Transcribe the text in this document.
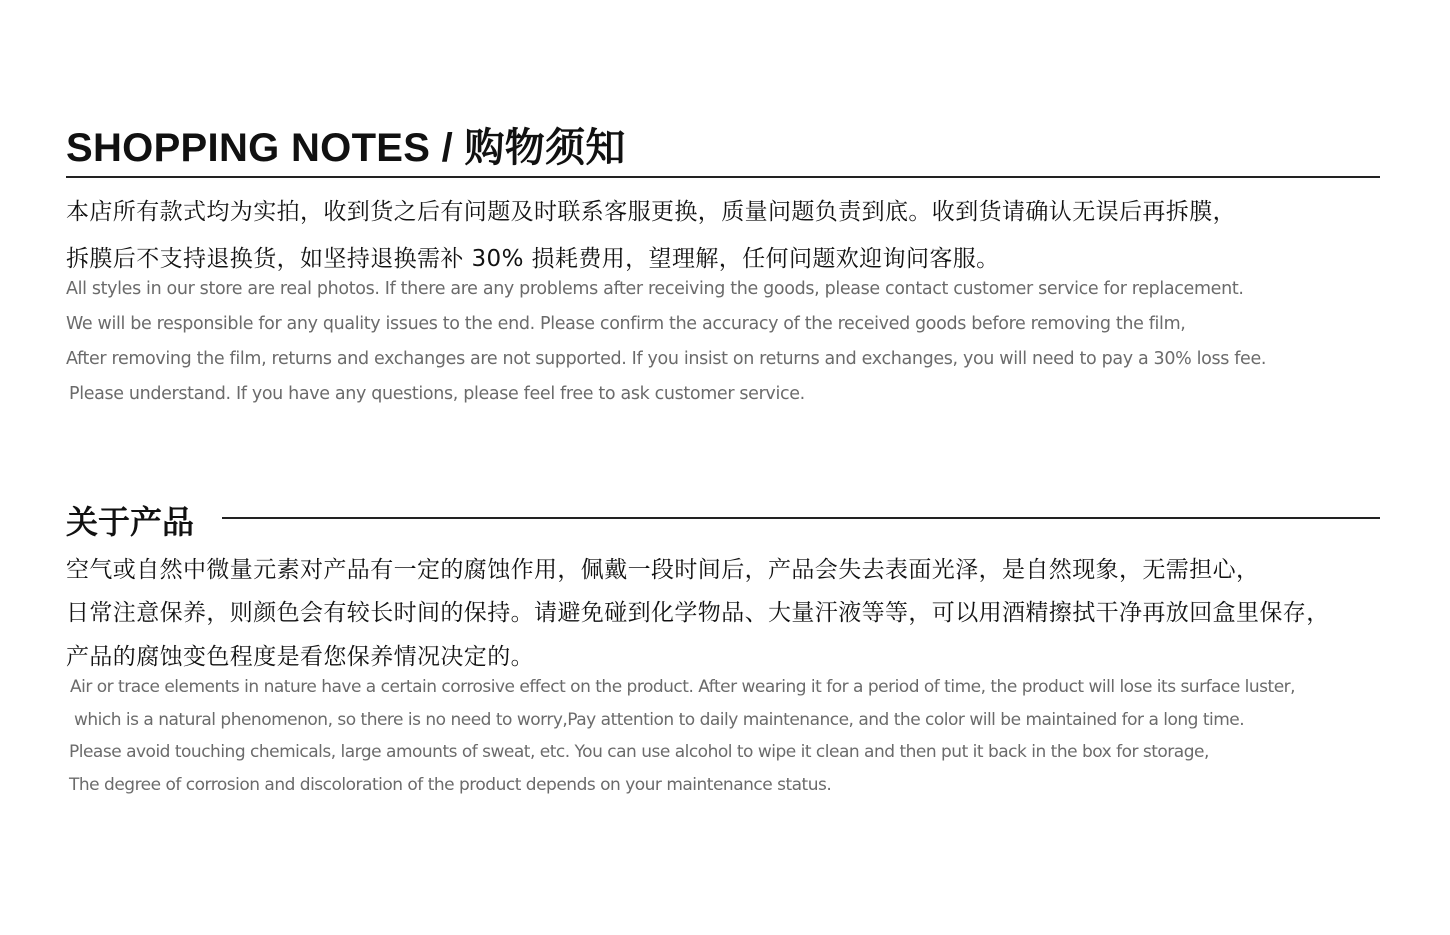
SHOPPING NOTES / 购物须知
本店所有款式均为实拍，收到货之后有问题及时联系客服更换，质量问题负责到底。收到货请确认无误后再拆膜，
拆膜后不支持退换货，如坚持退换需补 30% 损耗费用，望理解，任何问题欢迎询问客服。
All styles in our store are real photos. If there are any problems after receiving the goods, please contact customer service for replacement.
We will be responsible for any quality issues to the end. Please confirm the accuracy of the received goods before removing the film,
After removing the film, returns and exchanges are not supported. If you insist on returns and exchanges, you will need to pay a 30% loss fee.
Please understand. If you have any questions, please feel free to ask customer service.
关于产品
空气或自然中微量元素对产品有一定的腐蚀作用，佩戴一段时间后，产品会失去表面光泽，是自然现象，无需担心，
日常注意保养，则颜色会有较长时间的保持。请避免碰到化学物品、大量汗液等等，可以用酒精擦拭干净再放回盒里保存，
产品的腐蚀变色程度是看您保养情况决定的。
Air or trace elements in nature have a certain corrosive effect on the product. After wearing it for a period of time, the product will lose its surface luster,
which is a natural phenomenon, so there is no need to worry,Pay attention to daily maintenance, and the color will be maintained for a long time.
Please avoid touching chemicals, large amounts of sweat, etc. You can use alcohol to wipe it clean and then put it back in the box for storage,
The degree of corrosion and discoloration of the product depends on your maintenance status.
